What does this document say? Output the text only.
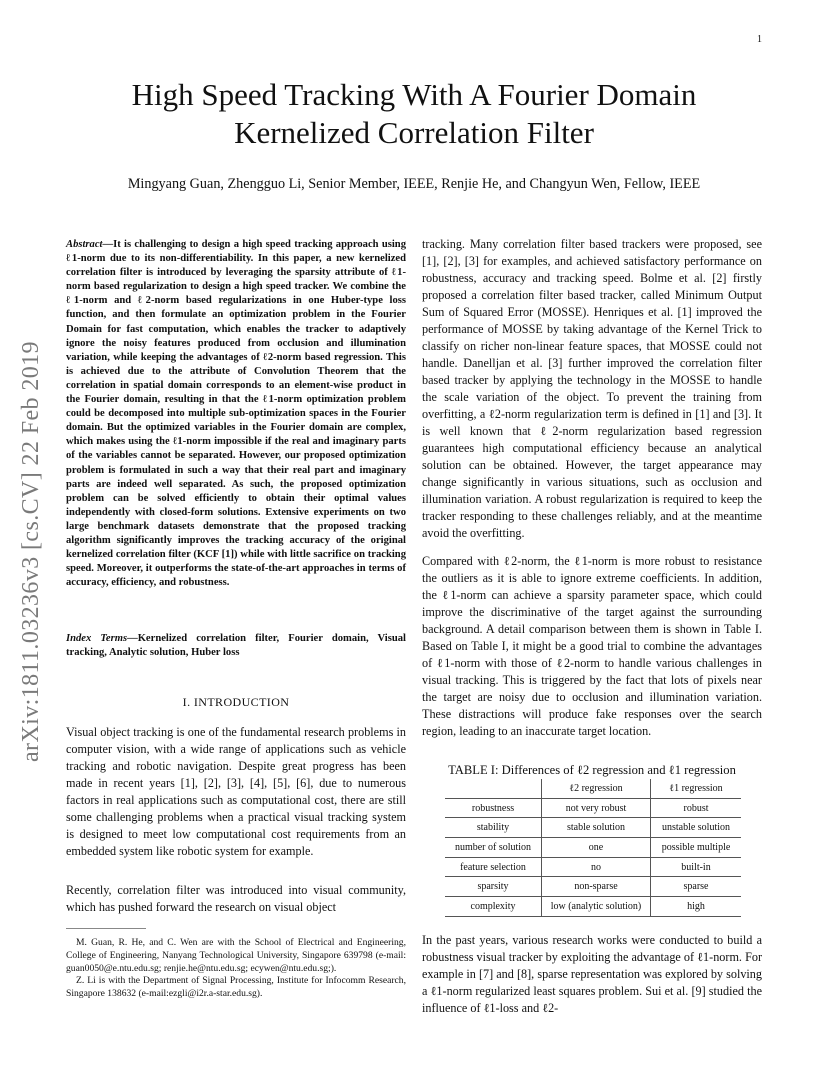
1
arXiv:1811.03236v3 [cs.CV] 22 Feb 2019
High Speed Tracking With A Fourier Domain Kernelized Correlation Filter
Mingyang Guan, Zhengguo Li, Senior Member, IEEE, Renjie He, and Changyun Wen, Fellow, IEEE
Abstract—It is challenging to design a high speed tracking approach using ℓ1-norm due to its non-differentiability. In this paper, a new kernelized correlation filter is introduced by leveraging the sparsity attribute of ℓ1-norm based regularization to design a high speed tracker. We combine the ℓ1-norm and ℓ2-norm based regularizations in one Huber-type loss function, and then formulate an optimization problem in the Fourier Domain for fast computation, which enables the tracker to adaptively ignore the noisy features produced from occlusion and illumination variation, while keeping the advantages of ℓ2-norm based regression. This is achieved due to the attribute of Convolution Theorem that the correlation in spatial domain corresponds to an element-wise product in the Fourier domain, resulting in that the ℓ1-norm optimization problem could be decomposed into multiple sub-optimization spaces in the Fourier domain. But the optimized variables in the Fourier domain are complex, which makes using the ℓ1-norm impossible if the real and imaginary parts of the variables cannot be separated. However, our proposed optimization problem is formulated in such a way that their real part and imaginary parts are indeed well separated. As such, the proposed optimization problem can be solved efficiently to obtain their optimal values independently with closed-form solutions. Extensive experiments on two large benchmark datasets demonstrate that the proposed tracking algorithm significantly improves the tracking accuracy of the original kernelized correlation filter (KCF [1]) while with little sacrifice on tracking speed. Moreover, it outperforms the state-of-the-art approaches in terms of accuracy, efficiency, and robustness.
Index Terms—Kernelized correlation filter, Fourier domain, Visual tracking, Analytic solution, Huber loss
I. INTRODUCTION
Visual object tracking is one of the fundamental research problems in computer vision, with a wide range of applications such as vehicle tracking and robotic navigation. Despite great progress has been made in recent years [1], [2], [3], [4], [5], [6], due to numerous factors in real applications such as computational cost, there are still some challenging problems when a practical visual tracking system is designed to meet low computational cost requirements from an embedded system like robotic system for example.
Recently, correlation filter was introduced into visual community, which has pushed forward the research on visual object

M. Guan, R. He, and C. Wen are with the School of Electrical and Engineering, College of Engineering, Nanyang Technological University, Singapore 639798 (e-mail: guan0050@e.ntu.edu.sg; renjie.he@ntu.edu.sg; ecywen@ntu.edu.sg;).

Z. Li is with the Department of Signal Processing, Institute for Infocomm Research, Singapore 138632 (e-mail:ezgli@i2r.a-star.edu.sg).

tracking. Many correlation filter based trackers were proposed, see [1], [2], [3] for examples, and achieved satisfactory performance on robustness, accuracy and tracking speed. Bolme et al. [2] firstly proposed a correlation filter based tracker, called Minimum Output Sum of Squared Error (MOSSE). Henriques et al. [1] improved the performance of MOSSE by taking advantage of the Kernel Trick to classify on richer non-linear feature spaces, that MOSSE could not handle. Danelljan et al. [3] further improved the correlation filter based tracker by applying the technology in the MOSSE to handle the scale variation of the object. To prevent the training from overfitting, a ℓ2-norm regularization term is defined in [1] and [3]. It is well known that ℓ2-norm regularization based regression guarantees high computational efficiency because an analytical solution can be obtained. However, the target appearance may change significantly in various situations, such as occlusion and illumination variation. A robust regularization is required to keep the tracker responding to these challenges reliably, and at the meantime avoid the overfitting.
Compared with ℓ2-norm, the ℓ1-norm is more robust to resistance the outliers as it is able to ignore extreme coefficients. In addition, the ℓ1-norm can achieve a sparsity parameter space, which could improve the discriminative of the target against the surrounding background. A detail comparison between them is shown in Table I. Based on Table I, it might be a good trial to combine the advantages of ℓ1-norm with those of ℓ2-norm to handle various challenges in visual tracking. This is triggered by the fact that lots of pixels near the target are noisy due to occlusion and illumination variation. These distractions will produce fake responses over the search region, leading to an inaccurate target location.
TABLE I: Differences of ℓ2 regression and ℓ1 regression
	ℓ2 regression	ℓ1 regression
robustness	not very robust	robust
stability	stable solution	unstable solution
number of solution	one	possible multiple
feature selection	no	built-in
sparsity	non-sparse	sparse
complexity	low (analytic solution)	high
In the past years, various research works were conducted to build a robustness visual tracker by exploiting the advantage of ℓ1-norm. For example in [7] and [8], sparse representation was explored by solving a ℓ1-norm regularized least squares problem. Sui et al. [9] studied the influence of ℓ1-loss and ℓ2-
